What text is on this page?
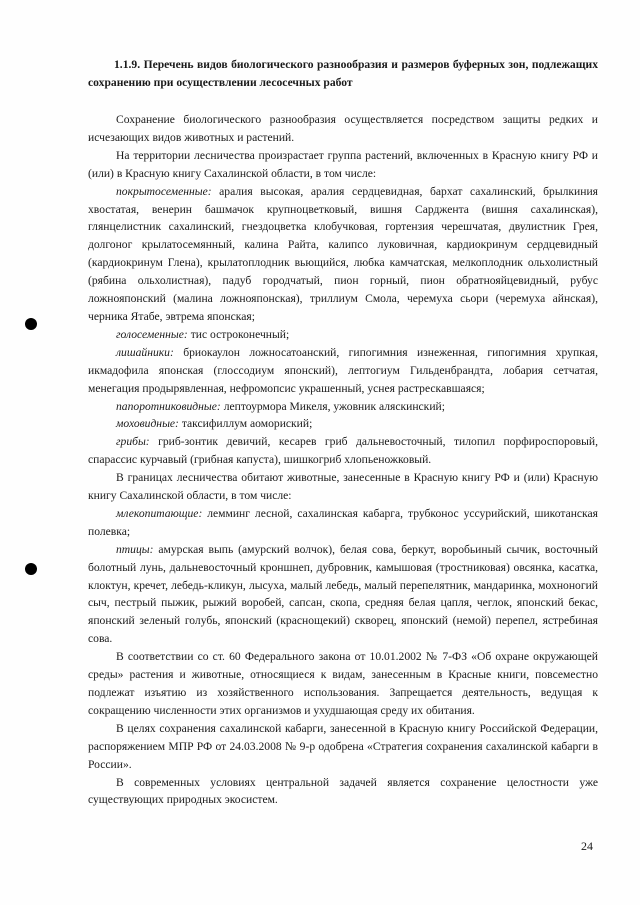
1.1.9. Перечень видов биологического разнообразия и размеров буферных зон, подлежащих сохранению при осуществлении лесосечных работ

Сохранение биологического разнообразия осуществляется посредством защиты редких и исчезающих видов животных и растений.

На территории лесничества произрастает группа растений, включенных в Красную книгу РФ и (или) в Красную книгу Сахалинской области, в том числе:

покрытосеменные: аралия высокая, аралия сердцевидная, бархат сахалинский, брылкиния хвостатая, венерин башмачок крупноцветковый, вишня Сарджента (вишня сахалинская), глянцелистник сахалинский, гнездоцветка клобучковая, гортензия черешчатая, двулистник Грея, долгоног крылатосемянный, калина Райта, калипсо луковичная, кардиокринум сердцевидный (кардиокринум Глена), крылатоплодник вьющийся, любка камчатская, мелкоплодник ольхолистный (рябина ольхолистная), падуб городчатый, пион горный, пион обратнояйцевидный, рубус ложнояпонский (малина ложнояпонская), триллиум Смола, черемуха сьори (черемуха айнская), черника Ятабе, эвтрема японская;

голосеменные: тис остроконечный;

лишайники: бриокаулон ложносатоанский, гипогимния изнеженная, гипогимния хрупкая, икмадофила японская (глоссодиум японский), лептогиум Гильденбрандта, лобария сетчатая, менегация продырявленная, нефромопсис украшенный, уснея растрескавшаяся;

папоротниковидные: лептоурмора Микеля, ужовник аляскинский;

моховидные: таксифиллум аомориский;

грибы: гриб-зонтик девичий, кесарев гриб дальневосточный, тилопил порфироспоровый, спарассис курчавый (грибная капуста), шишкогриб хлопьеножковый.

В границах лесничества обитают животные, занесенные в Красную книгу РФ и (или) Красную книгу Сахалинской области, в том числе:

млекопитающие: лемминг лесной, сахалинская кабарга, трубконос уссурийский, шикотанская полевка;

птицы: амурская выпь (амурский волчок), белая сова, беркут, воробьиный сычик, восточный болотный лунь, дальневосточный кроншнеп, дубровник, камышовая (тростниковая) овсянка, касатка, клоктун, кречет, лебедь-кликун, лысуха, малый лебедь, малый перепелятник, мандаринка, мохноногий сыч, пестрый пыжик, рыжий воробей, сапсан, скопа, средняя белая цапля, чеглок, японский бекас, японский зеленый голубь, японский (краснощекий) скворец, японский (немой) перепел, ястребиная сова.

В соответствии со ст. 60 Федерального закона от 10.01.2002 № 7-ФЗ «Об охране окружающей среды» растения и животные, относящиеся к видам, занесенным в Красные книги, повсеместно подлежат изъятию из хозяйственного использования. Запрещается деятельность, ведущая к сокращению численности этих организмов и ухудшающая среду их обитания.

В целях сохранения сахалинской кабарги, занесенной в Красную книгу Российской Федерации, распоряжением МПР РФ от 24.03.2008 № 9-р одобрена «Стратегия сохранения сахалинской кабарги в России».

В современных условиях центральной задачей является сохранение целостности уже существующих природных экосистем.

24
